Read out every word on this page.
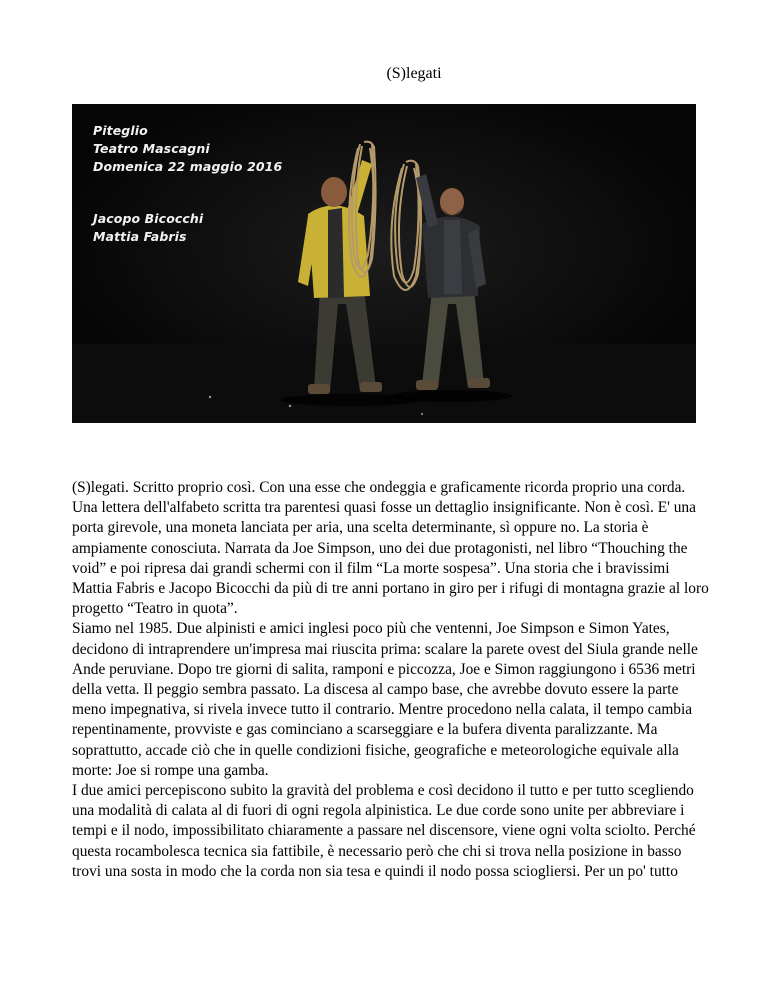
(S)legati
Piteglio
Teatro Mascagni
Domenica 22 maggio 2016
Jacopo Bicocchi
Mattia Fabris

(S)legati. Scritto proprio così. Con una esse che ondeggia e graficamente ricorda proprio una corda. Una lettera dell'alfabeto scritta tra parentesi quasi fosse un dettaglio insignificante. Non è così. E' una porta girevole, una moneta lanciata per aria, una scelta determinante, sì oppure no. La storia è ampiamente conosciuta. Narrata da Joe Simpson, uno dei due protagonisti, nel libro “Thouching the void” e poi ripresa dai grandi schermi con il film “La morte sospesa”. Una storia che i bravissimi Mattia Fabris e Jacopo Bicocchi da più di tre anni portano in giro per i rifugi di montagna grazie al loro progetto “Teatro in quota”.

Siamo nel 1985. Due alpinisti e amici inglesi poco più che ventenni, Joe Simpson e Simon Yates, decidono di intraprendere un'impresa mai riuscita prima: scalare la parete ovest del Siula grande nelle Ande peruviane. Dopo tre giorni di salita, ramponi e piccozza, Joe e Simon raggiungono i 6536 metri della vetta. Il peggio sembra passato. La discesa al campo base, che avrebbe dovuto essere la parte meno impegnativa, si rivela invece tutto il contrario. Mentre procedono nella calata, il tempo cambia repentinamente, provviste e gas cominciano a scarseggiare e la bufera diventa paralizzante. Ma soprattutto, accade ciò che in quelle condizioni fisiche, geografiche e meteorologiche equivale alla morte: Joe si rompe una gamba.

I due amici percepiscono subito la gravità del problema e così decidono il tutto e per tutto scegliendo una modalità di calata al di fuori di ogni regola alpinistica. Le due corde sono unite per abbreviare i tempi e il nodo, impossibilitato chiaramente a passare nel discensore, viene ogni volta sciolto. Perché questa rocambolesca tecnica sia fattibile, è necessario però che chi si trova nella posizione in basso trovi una sosta in modo che la corda non sia tesa e quindi il nodo possa sciogliersi. Per un po' tutto
